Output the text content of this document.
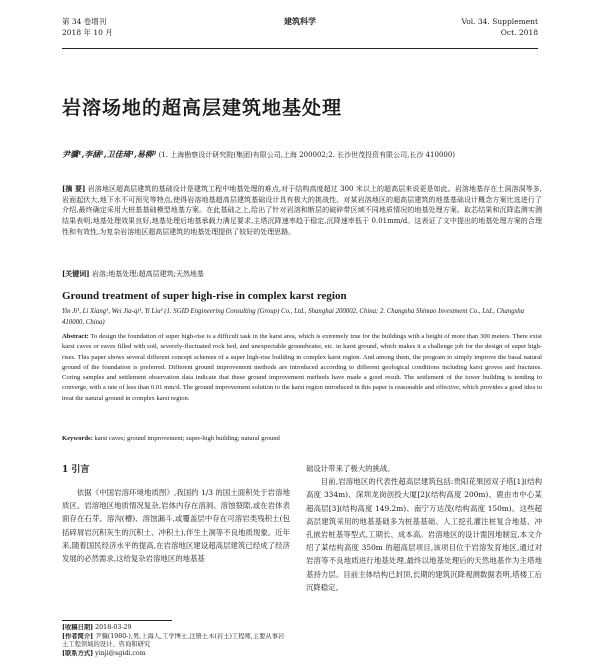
第 34 卷增刊
2018 年 10 月
建筑科学	Vol. 34. Supplement
Oct. 2018
岩溶场地的超高层建筑地基处理
尹骥¹,李涵¹,卫佳琦¹,易柳² (1. 上海勘察设计研究院(集团)有限公司,上海 200002;2. 长沙世茂投资有限公司,长沙 410000)
[摘 要] 岩溶地区超高层建筑的基础设计是建筑工程中地基处理的难点,对于结构高度超过 300 米以上的超高层来说更是如此。岩溶地基存在土洞溶洞等多,岩面起伏大,地下水不可预见等特点,使得岩溶地基超高层建筑基础设计具有极大的挑战性。对某岩溶地区的超高层建筑的地基基础设计概念方案比选进行了介绍,最终确定采用大桩基基础模型地基方案。在此基础之上,给出了针对岩溶和断层的破碎带区域不同地质情况的地基处理方案。取芯结果和沉降监测实测结果表明,地基处理效果良好,地基处理后地基承载力满足要求,主塔沉降速率趋于稳定,沉降速率低于 0.01mm/d。这表证了文中提出的地基处理方案的合理性和有效性,为复杂岩溶地区超高层建筑的地基处理提供了较好的处理思路。
[关键词] 岩溶;地基处理;超高层建筑;天然地基
Ground treatment of super high-rise in complex karst region
Yin Ji¹, Li Xiang¹, Wei Jia-qi¹, Yi Liu² (1. SGID Engineering Consulting (Group) Co., Ltd., Shanghai 200002, China; 2. Changsha Shimao Investment Co., Ltd., Changsha 410000, China)
Abstract: To design the foundation of super high-rise is a difficult task in the karst area, which is extremely true for the buildings with a height of more than 300 meters. There exist karst caves or eaves filled with soil, severely-fluctuated rock bed, and unexpectable groundwater, etc. in karst ground, which makes it a challenge job for the design of super high-rises. This paper shows several different concept schemes of a super high-rise building in complex karst region. And among them, the program to simply improve the basal natural ground of the foundation is preferred. Different ground improvement methods are introduced according to different geological conditions including karst groves and fractures. Coring samples and settlement observation data indicate that these ground improvement methods have made a good result. The settlement of the tower building is tending to converge, with a rate of less than 0.01 mm/d. The ground improvement solution to the karst region introduced in this paper is reasonable and effective, which provides a good idea to treat the natural ground in complex karst region.
Keywords: karst caves; ground improvement; super-high building; natural ground
1 引言

依据《中国岩溶环境地质图》,我国约 1/3 的国土面积处于岩溶地质区。岩溶地区地质情况复杂,岩体内存在溶洞、溶蚀裂隙,或在岩体表面存在石芽、溶沟(槽)、溶蚀漏斗,或覆盖层中存在可溶岩类残积土(包括碎屑岩沉积灰生的沉积土、冲积土),伴生土洞等不良地质现象。近年来,随着国民经济水平的提高,在岩溶地区建设超高层建筑已经成了经济发展的必然需求,这给复杂岩溶地区的地基基

础设计带来了极大的挑战。

目前,岩溶地区的代表性超高层建筑包括:贵阳花果园双子塔[1](结构高度 334m)、深圳龙岗创投大厦[2](结构高度 200m)、鹿由市中心某超高层[3](结构高度 149.2m)、南宁万达茂(结构高度 150m)。这些超高层建筑采用的地基基础多为桩基基础、人工挖孔灌注桩复合地基、冲孔嵌岩桩基等型式,工期长、成本高。岩溶地区的设计需因地制宜,本文介绍了某结构高度 350m 的超高层项目,该项目位于岩溶发育地区,通过对岩溶等不良地质进行地基处理,最终以地基处理后的天然地基作为主塔地基持力层。目前主体结构已封顶,长期的建筑沉降观测数据表明,塔楼工后沉降稳定。

[收稿日期] 2018-03-29
[作者简介] 尹骥(1980-),男,上海人,工学博士,注册土木(岩土)工程师,主要从事岩土工程领域的设计、咨询和研究
[联系方式] yinji@sgidi.com
